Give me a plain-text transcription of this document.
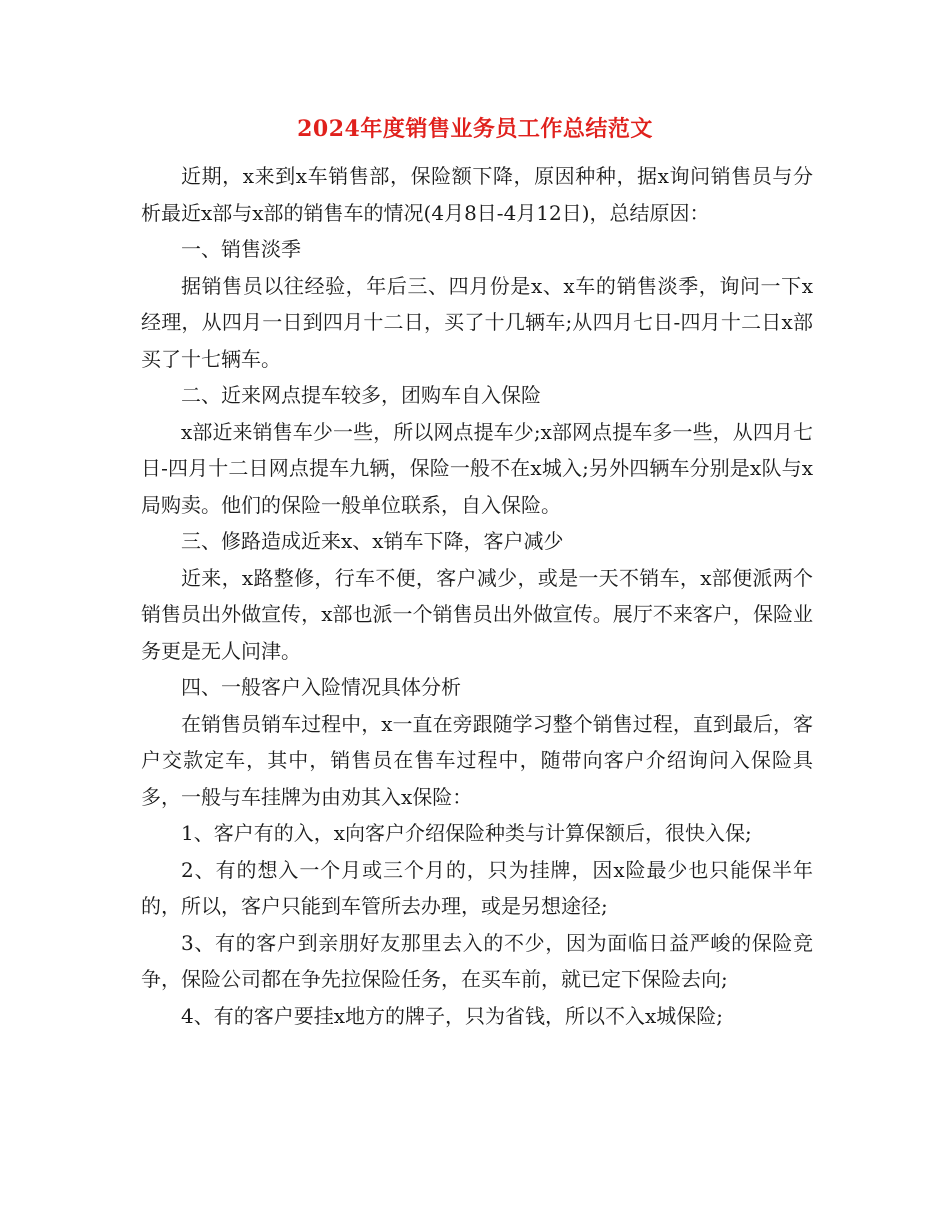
2024年度销售业务员工作总结范文

近期，x来到x车销售部，保险额下降，原因种种，据x询问销售员与分析最近x部与x部的销售车的情况(4月8日-4月12日)，总结原因：

一、销售淡季

据销售员以往经验，年后三、四月份是x、x车的销售淡季，询问一下x经理，从四月一日到四月十二日，买了十几辆车;从四月七日-四月十二日x部买了十七辆车。

二、近来网点提车较多，团购车自入保险

x部近来销售车少一些，所以网点提车少;x部网点提车多一些，从四月七日-四月十二日网点提车九辆，保险一般不在x城入;另外四辆车分别是x队与x局购卖。他们的保险一般单位联系，自入保险。

三、修路造成近来x、x销车下降，客户减少

近来，x路整修，行车不便，客户减少，或是一天不销车，x部便派两个销售员出外做宣传，x部也派一个销售员出外做宣传。展厅不来客户，保险业务更是无人问津。

四、一般客户入险情况具体分析

在销售员销车过程中，x一直在旁跟随学习整个销售过程，直到最后，客户交款定车，其中，销售员在售车过程中，随带向客户介绍询问入保险具多，一般与车挂牌为由劝其入x保险：

1、客户有的入，x向客户介绍保险种类与计算保额后，很快入保;

2、有的想入一个月或三个月的，只为挂牌，因x险最少也只能保半年的，所以，客户只能到车管所去办理，或是另想途径;

3、有的客户到亲朋好友那里去入的不少，因为面临日益严峻的保险竞争，保险公司都在争先拉保险任务，在买车前，就已定下保险去向;

4、有的客户要挂x地方的牌子，只为省钱，所以不入x城保险;
